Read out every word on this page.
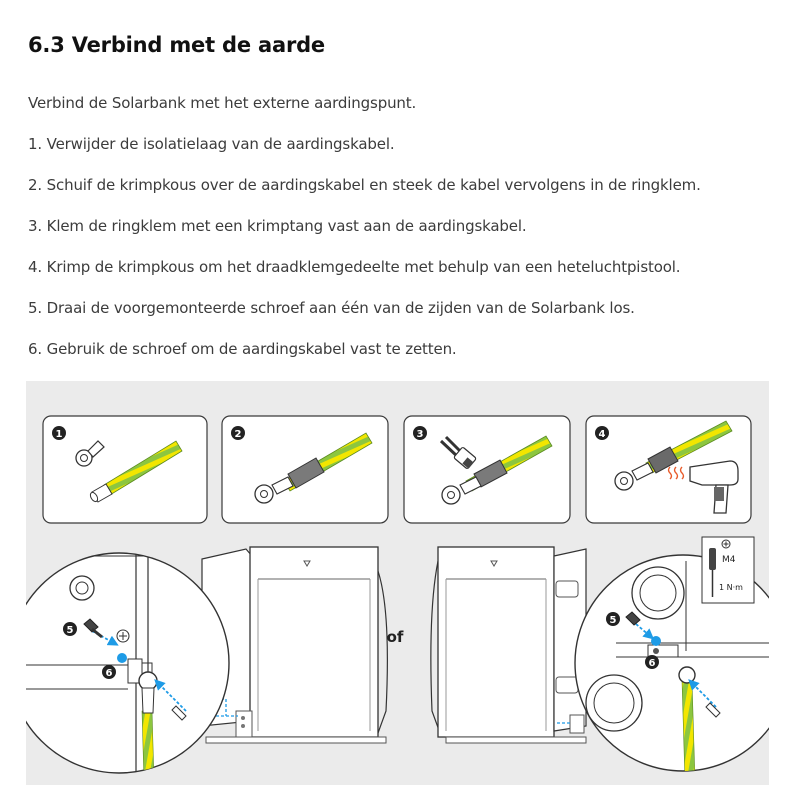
6.3 Verbind met de aarde

Verbind de Solarbank met het externe aardingspunt.

1. Verwijder de isolatielaag van de aardingskabel.

2. Schuif de krimpkous over de aardingskabel en steek de kabel vervolgens in de ringklem.

3. Klem de ringklem met een krimptang vast aan de aardingskabel.

4. Krimp de krimpkous om het draadklemgedeelte met behulp van een heteluchtpistool.

5. Draai de voorgemonteerde schroef aan één van de zijden van de Solarbank los.

6. Gebruik de schroef om de aardingskabel vast te zetten.

1	2	3	4
5
6
of
5
6
M4
1 N·m
